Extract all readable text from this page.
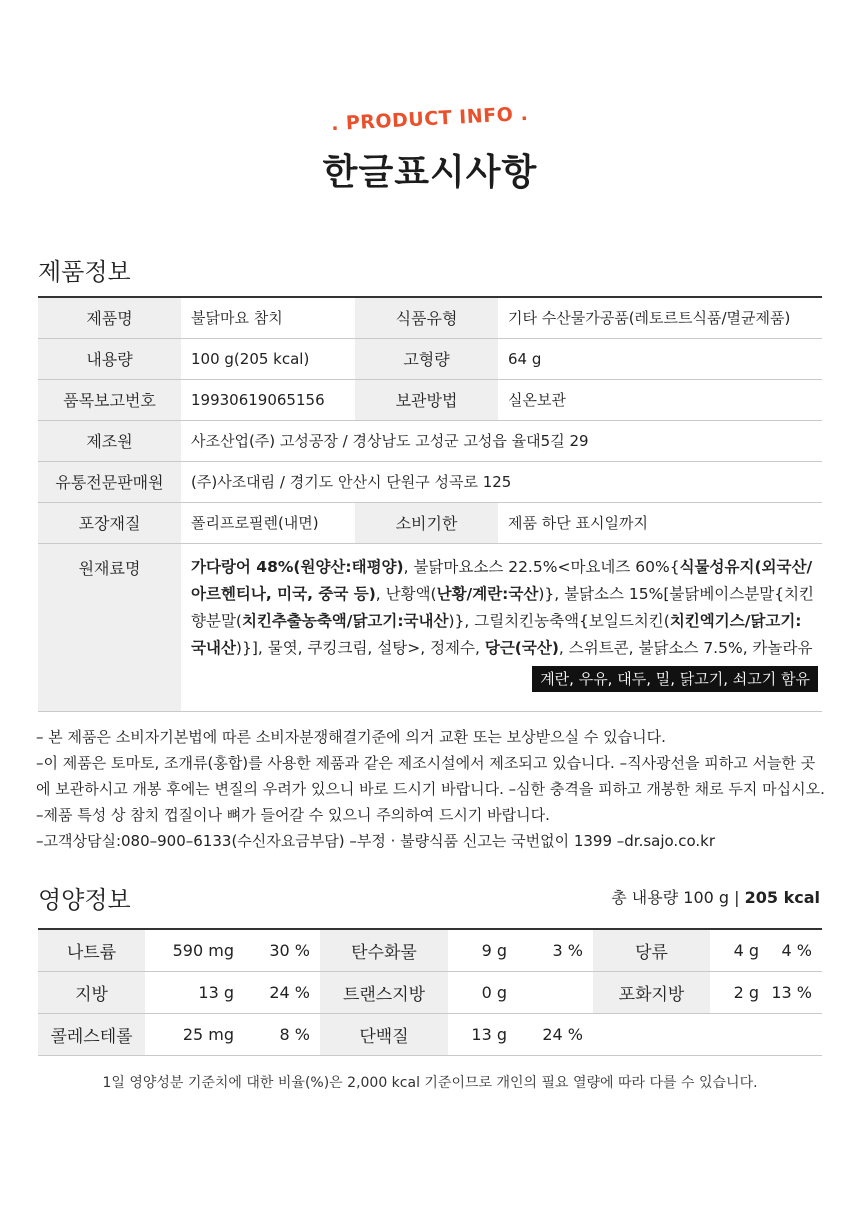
. PRODUCT INFO .
한글표시사항
제품정보
제품명	불닭마요 참치	식품유형	기타 수산물가공품(레토르트식품/멸균제품)
내용량	100 g(205 kcal)	고형량	64 g
품목보고번호	19930619065156	보관방법	실온보관
제조원	사조산업(주) 고성공장 / 경상남도 고성군 고성읍 율대5길 29		
유통전문판매원	(주)사조대림 / 경기도 안산시 단원구 성곡로 125		
포장재질	폴리프로필렌(내면)	소비기한	제품 하단 표시일까지
원재료명	가다랑어 48%(원양산:태평양), 불닭마요소스 22.5%<마요네즈 60%{식물성유지(외국산/아르헨티나, 미국, 중국 등), 난황액(난황/계란:국산)}, 불닭소스 15%[불닭베이스분말{치킨향분말(치킨추출농축액/닭고기:국내산)}, 그릴치킨농축액{보일드치킨(치킨엑기스/닭고기:국내산)}], 물엿, 쿠킹크림, 설탕>, 정제수, 당근(국산), 스위트콘, 불닭소스 7.5%, 카놀라유
계란, 우유, 대두, 밀, 닭고기, 쇠고기 함유		

– 본 제품은 소비자기본법에 따른 소비자분쟁해결기준에 의거 교환 또는 보상받으실 수 있습니다.

–이 제품은 토마토, 조개류(홍합)를 사용한 제품과 같은 제조시설에서 제조되고 있습니다. –직사광선을 피하고 서늘한 곳에 보관하시고 개봉 후에는 변질의 우려가 있으니 바로 드시기 바랍니다. –심한 충격을 피하고 개봉한 채로 두지 마십시오. –제품 특성 상 참치 껍질이나 뼈가 들어갈 수 있으니 주의하여 드시기 바랍니다.

–고객상담실:080–900–6133(수신자요금부담) –부정 · 불량식품 신고는 국번없이 1399 –dr.sajo.co.kr

영양정보	총 내용량 100 g | 205 kcal
나트륨	590 mg	30 %	탄수화물	9 g	3 %	당류	4 g	4 %
지방	13 g	24 %	트랜스지방	0 g		포화지방	2 g	13 %
콜레스테롤	25 mg	8 %	단백질	13 g	24 %			
1일 영양성분 기준치에 대한 비율(%)은 2,000 kcal 기준이므로 개인의 필요 열량에 따라 다를 수 있습니다.
